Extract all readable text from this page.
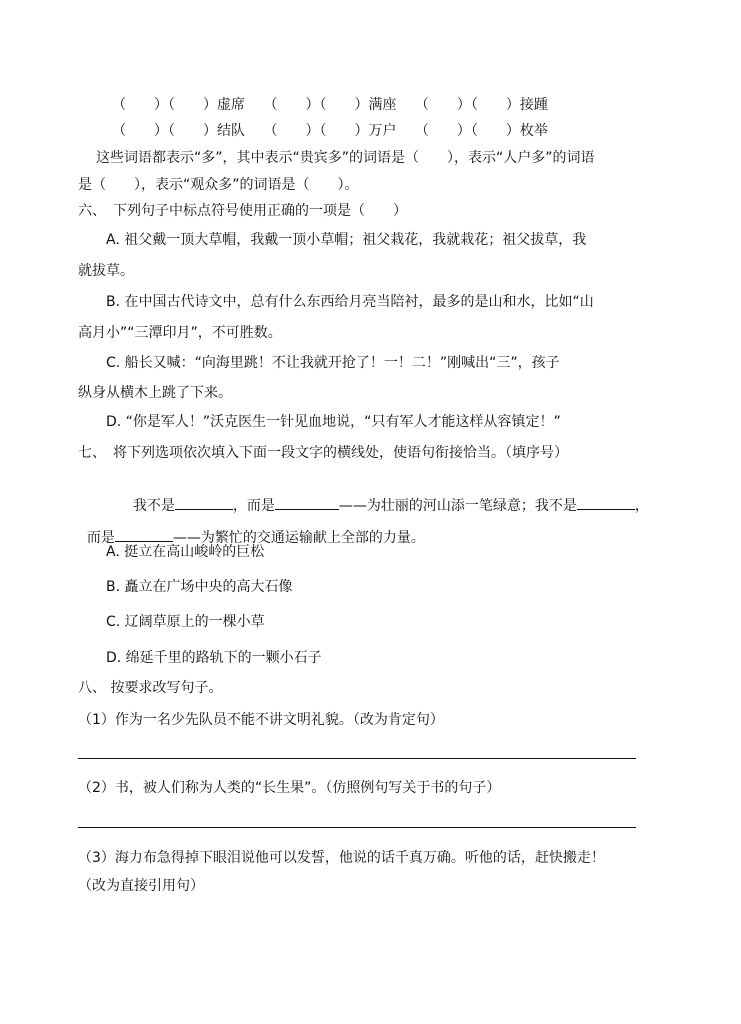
（　　）（　　）虚席　 （　　）（　　）满座　 （　　）（　　）接踵
（　　）（　　）结队　 （　　）（　　）万户　 （　　）（　　）枚举
这些词语都表示“多”，其中表示“贵宾多”的词语是（　　），表示“人户多”的词语
是（　　），表示“观众多”的词语是（　　）。
六、　下列句子中标点符号使用正确的一项是（　　）
A. 祖父戴一顶大草帽，我戴一顶小草帽；祖父栽花，我就栽花；祖父拔草，我
就拔草。
B. 在中国古代诗文中，总有什么东西给月亮当陪衬，最多的是山和水，比如“山
高月小”“三潭印月”，不可胜数。
C. 船长又喊：“向海里跳！不让我就开抢了！一！二！”刚喊出“三”，孩子
纵身从横木上跳了下来。
D. “你是军人！”沃克医生一针见血地说，“只有军人才能这样从容镇定！”
七、　将下列选项依次填入下面一段文字的横线处，使语句衔接恰当。（填序号）

我不是	，而是	——为壮丽的河山添一笔绿意；我不是	，

而是	——为繁忙的交通运输献上全部的力量。

A. 挺立在高山峻岭的巨松
B. 矗立在广场中央的高大石像
C. 辽阔草原上的一棵小草
D. 绵延千里的路轨下的一颗小石子
八、 按要求改写句子。
（1）作为一名少先队员不能不讲文明礼貌。（改为肯定句）
（2）书，被人们称为人类的“长生果”。（仿照例句写关于书的句子）
（3）海力布急得掉下眼泪说他可以发誓，他说的话千真万确。听他的话，赶快搬走！
（改为直接引用句）
